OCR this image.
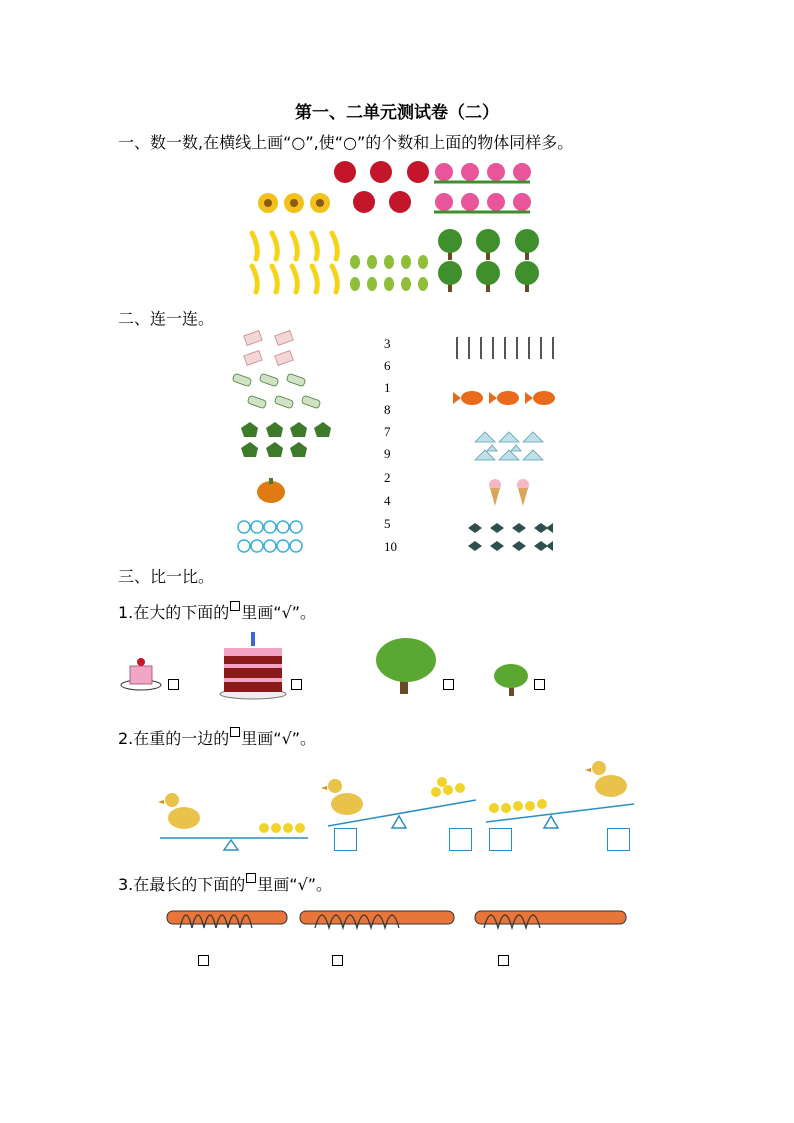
第一、二单元测试卷（二）
一、数一数,在横线上画“○”,使“○”的个数和上面的物体同样多。
二、连一连。
3
6
1
8
7
9
2
4
5
10
三、比一比。
1.在大的下面的 里画“√”。
2.在重的一边的 里画“√”。
3.在最长的下面的 里画“√”。
